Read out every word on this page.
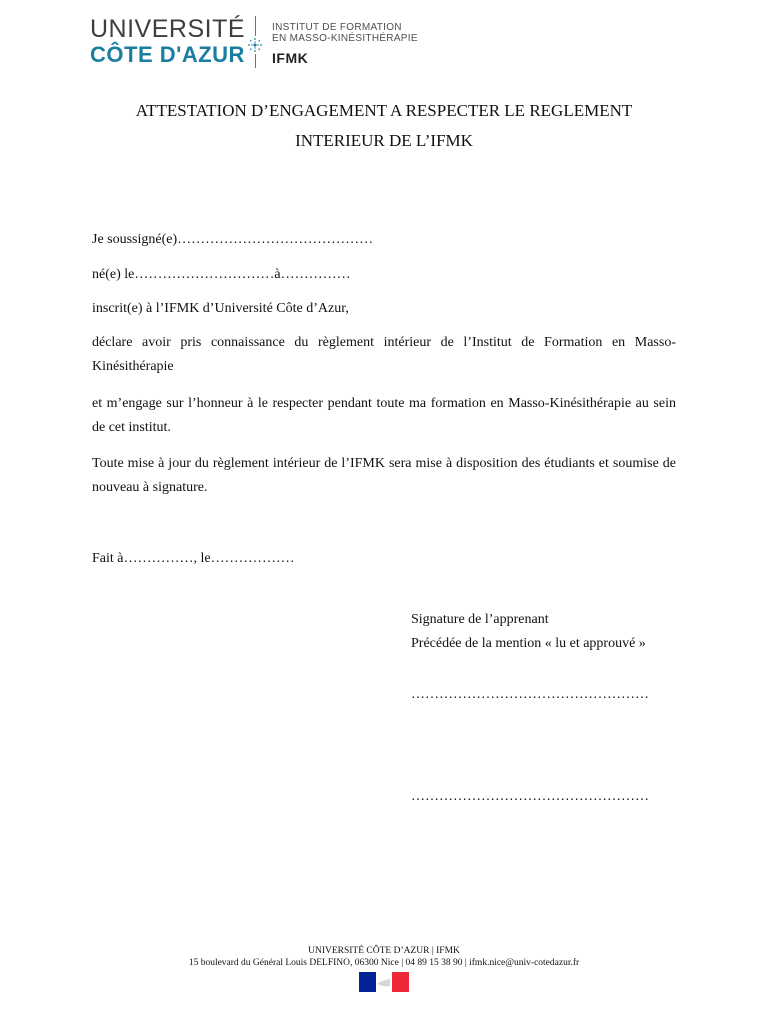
UNIVERSITÉ
CÔTE D'AZUR
INSTITUT DE FORMATION
EN MASSO-KINÉSITHÉRAPIE
IFMK
ATTESTATION D’ENGAGEMENT A RESPECTER LE REGLEMENT
INTERIEUR DE L’IFMK

Je soussigné(e)……………………………………

né(e) le…………………………à……………

inscrit(e) à l’IFMK d’Université Côte d’Azur,

déclare avoir pris connaissance du règlement intérieur de l’Institut de Formation en Masso-Kinésithérapie

et m’engage sur l’honneur à le respecter pendant toute ma formation en Masso-Kinésithérapie au sein de cet institut.

Toute mise à jour du règlement intérieur de l’IFMK sera mise à disposition des étudiants et soumise de nouveau à signature.

Fait à……………, le………………

Signature de l’apprenant
Précédée de la mention « lu et approuvé »
……………………………………………
……………………………………………
UNIVERSITÉ CÔTE D’AZUR | IFMK
15 boulevard du Général Louis DELFINO, 06300 Nice | 04 89 15 38 90 | ifmk.nice@univ-cotedazur.fr
